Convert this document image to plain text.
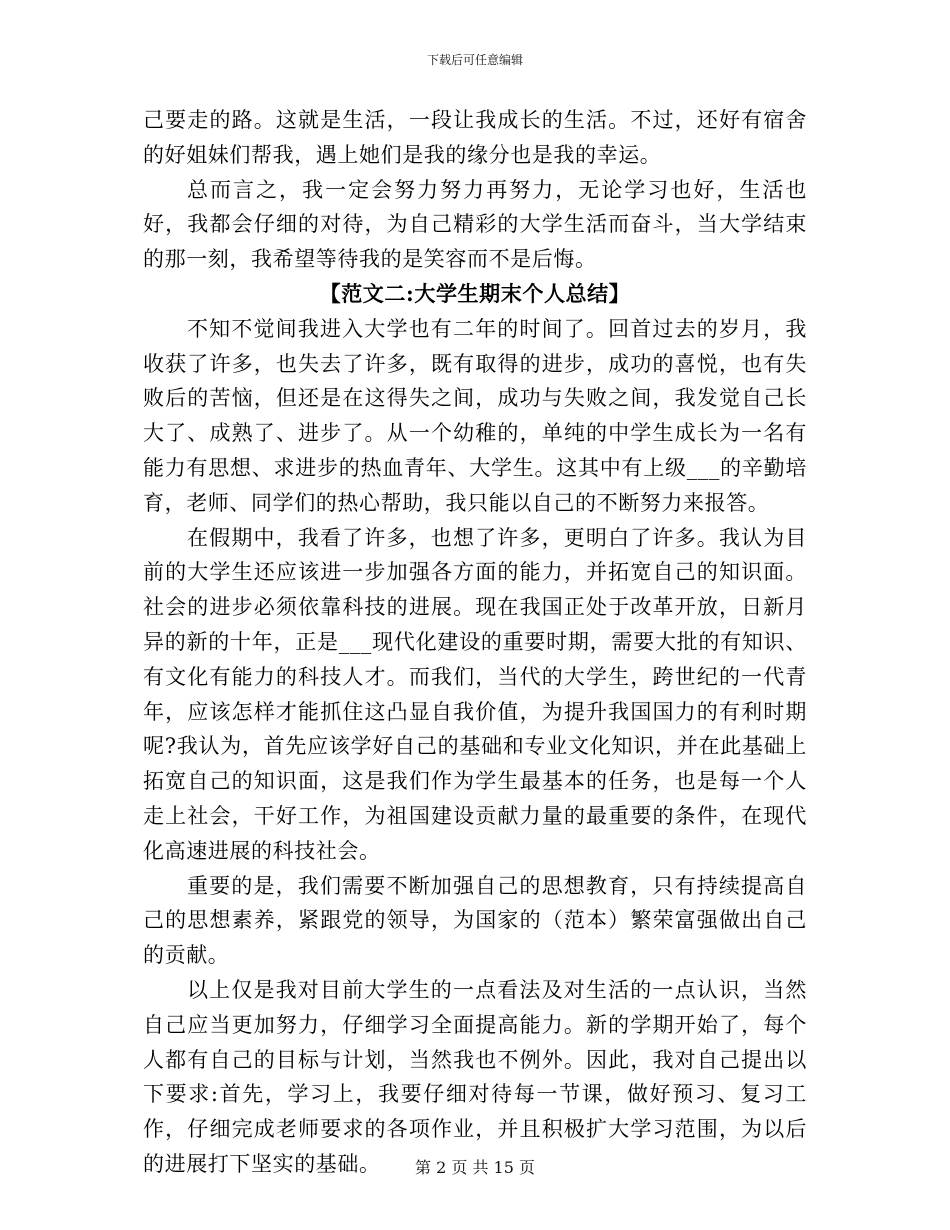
下载后可任意编辑

己要走的路。这就是生活，一段让我成长的生活。不过，还好有宿舍的好姐妹们帮我，遇上她们是我的缘分也是我的幸运。

总而言之，我一定会努力努力再努力，无论学习也好，生活也好，我都会仔细的对待，为自己精彩的大学生活而奋斗，当大学结束的那一刻，我希望等待我的是笑容而不是后悔。

【范文二:大学生期末个人总结】

不知不觉间我进入大学也有二年的时间了。回首过去的岁月，我收获了许多，也失去了许多，既有取得的进步，成功的喜悦，也有失败后的苦恼，但还是在这得失之间，成功与失败之间，我发觉自己长大了、成熟了、进步了。从一个幼稚的，单纯的中学生成长为一名有能力有思想、求进步的热血青年、大学生。这其中有上级___的辛勤培育，老师、同学们的热心帮助，我只能以自己的不断努力来报答。

在假期中，我看了许多，也想了许多，更明白了许多。我认为目前的大学生还应该进一步加强各方面的能力，并拓宽自己的知识面。社会的进步必须依靠科技的进展。现在我国正处于改革开放，日新月异的新的十年，正是___现代化建设的重要时期，需要大批的有知识、有文化有能力的科技人才。而我们，当代的大学生，跨世纪的一代青年，应该怎样才能抓住这凸显自我价值，为提升我国国力的有利时期呢?我认为，首先应该学好自己的基础和专业文化知识，并在此基础上拓宽自己的知识面，这是我们作为学生最基本的任务，也是每一个人走上社会，干好工作，为祖国建设贡献力量的最重要的条件，在现代化高速进展的科技社会。

重要的是，我们需要不断加强自己的思想教育，只有持续提高自己的思想素养，紧跟党的领导，为国家的（范本）繁荣富强做出自己的贡献。

以上仅是我对目前大学生的一点看法及对生活的一点认识，当然自己应当更加努力，仔细学习全面提高能力。新的学期开始了，每个人都有自己的目标与计划，当然我也不例外。因此，我对自己提出以下要求:首先，学习上，我要仔细对待每一节课，做好预习、复习工作，仔细完成老师要求的各项作业，并且积极扩大学习范围，为以后的进展打下坚实的基础。	第 2 页 共 15 页
